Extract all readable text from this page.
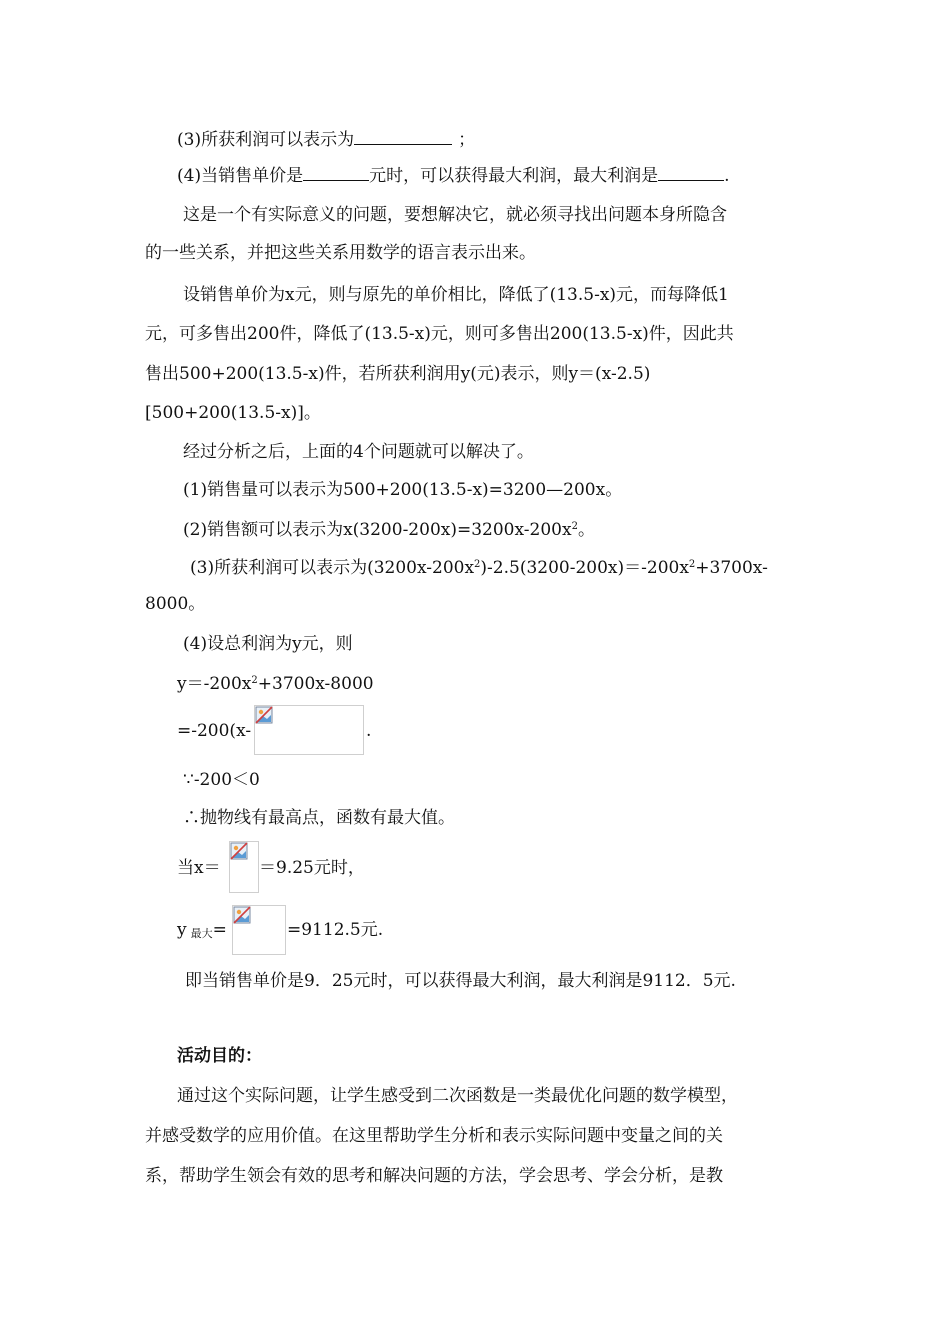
(3)所获利润可以表示为	；
(4)当销售单价是	元时，可以获得最大利润，最大利润是	.
这是一个有实际意义的问题，要想解决它，就必须寻找出问题本身所隐含
的一些关系，并把这些关系用数学的语言表示出来。
设销售单价为x元，则与原先的单价相比，降低了(13.5-x)元，而每降低1
元，可多售出200件，降低了(13.5-x)元，则可多售出200(13.5-x)件，因此共
售出500+200(13.5-x)件，若所获利润用y(元)表示，则y＝(x-2.5)
[500+200(13.5-x)]。
经过分析之后，上面的4个问题就可以解决了。
(1)销售量可以表示为500+200(13.5-x)=3200—200x。
(2)销售额可以表示为$x(3200-200x)=3200x-200x^2$。
(3)所获利润可以表示为$(3200x-200x^2)-2.5(3200-200x)=-200x^2+3700x-$
8000。
(4)设总利润为y元，则
$y=-200x^2+3700x-8000$
=-200(x-	.
∵-200＜0
∴抛物线有最高点，函数有最大值。
当x＝ ＝9.25元时，
y最大=	=9112.5元.
即当销售单价是9．25元时，可以获得最大利润，最大利润是9112．5元.
活动目的：
通过这个实际问题，让学生感受到二次函数是一类最优化问题的数学模型，
并感受数学的应用价值。在这里帮助学生分析和表示实际问题中变量之间的关
系，帮助学生领会有效的思考和解决问题的方法，学会思考、学会分析，是教
